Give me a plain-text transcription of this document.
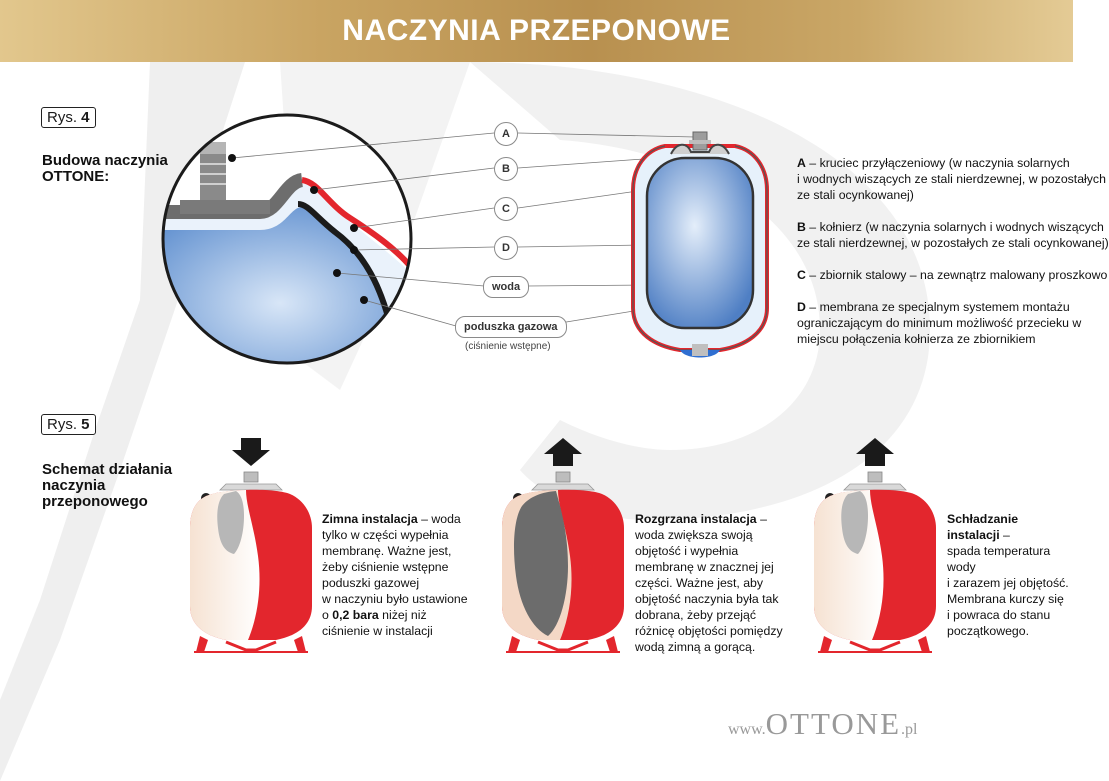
NACZYNIA PRZEPONOWE
Rys. 4
Budowa naczynia
OTTONE:
A
B
C
D
woda
poduszka gazowa
(ciśnienie wstępne)

A – kruciec przyłączeniowy (w naczynia solarnych
i wodnych wiszących ze stali nierdzewnej, w pozostałych
ze stali ocynkowanej)

B – kołnierz (w naczynia solarnych i wodnych wiszących
ze stali nierdzewnej, w pozostałych ze stali ocynkowanej)

C – zbiornik stalowy – na zewnątrz malowany proszkowo

D – membrana ze specjalnym systemem montażu
ograniczającym do minimum możliwość przecieku w
miejscu połączenia kołnierza ze zbiornikiem

Rys. 5
Schemat działania
naczynia
przeponowego
Zimna instalacja – woda
tylko w części wypełnia
membranę. Ważne jest,
żeby ciśnienie wstępne
poduszki gazowej
w naczyniu było ustawione
o 0,2 bara niżej niż
ciśnienie w instalacji
Rozgrzana instalacja –
woda zwiększa swoją
objętość i wypełnia
membranę w znacznej jej
części. Ważne jest, aby
objętość naczynia była tak
dobrana, żeby przejąć
różnicę objętości pomiędzy
wodą zimną a gorącą.
Schładzanie instalacji –
spada temperatura wody
i zarazem jej objętość.
Membrana kurczy się
i powraca do stanu
początkowego.
www.OTTONE.pl
